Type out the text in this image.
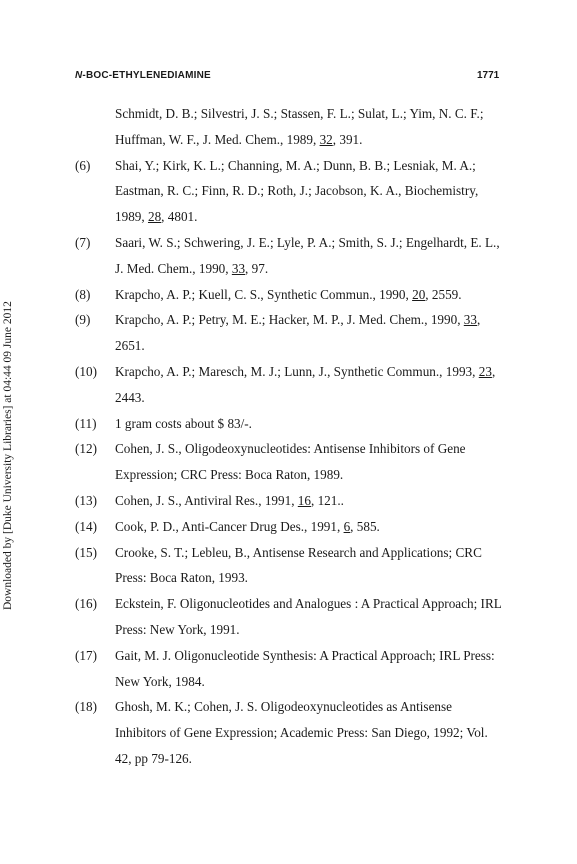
N-BOC-ETHYLENEDIAMINE	1771
Downloaded by [Duke University Libraries] at 04:44 09 June 2012
Schmidt, D. B.; Silvestri, J. S.; Stassen, F. L.; Sulat, L.; Yim, N. C. F.; Huffman, W. F., J. Med. Chem., 1989, 32, 391.
(6) Shai, Y.; Kirk, K. L.; Channing, M. A.; Dunn, B. B.; Lesniak, M. A.; Eastman, R. C.; Finn, R. D.; Roth, J.; Jacobson, K. A., Biochemistry, 1989, 28, 4801.
(7) Saari, W. S.; Schwering, J. E.; Lyle, P. A.; Smith, S. J.; Engelhardt, E. L., J. Med. Chem., 1990, 33, 97.
(8) Krapcho, A. P.; Kuell, C. S., Synthetic Commun., 1990, 20, 2559.
(9) Krapcho, A. P.; Petry, M. E.; Hacker, M. P., J. Med. Chem., 1990, 33, 2651.
(10) Krapcho, A. P.; Maresch, M. J.; Lunn, J., Synthetic Commun., 1993, 23, 2443.
(11) 1 gram costs about $ 83/-.
(12) Cohen, J. S., Oligodeoxynucleotides: Antisense Inhibitors of Gene Expression; CRC Press: Boca Raton, 1989.
(13) Cohen, J. S., Antiviral Res., 1991, 16, 121..
(14) Cook, P. D., Anti-Cancer Drug Des., 1991, 6, 585.
(15) Crooke, S. T.; Lebleu, B., Antisense Research and Applications; CRC Press: Boca Raton, 1993.
(16) Eckstein, F. Oligonucleotides and Analogues : A Practical Approach; IRL Press: New York, 1991.
(17) Gait, M. J. Oligonucleotide Synthesis: A Practical Approach; IRL Press: New York, 1984.
(18) Ghosh, M. K.; Cohen, J. S. Oligodeoxynucleotides as Antisense Inhibitors of Gene Expression; Academic Press: San Diego, 1992; Vol. 42, pp 79-126.
